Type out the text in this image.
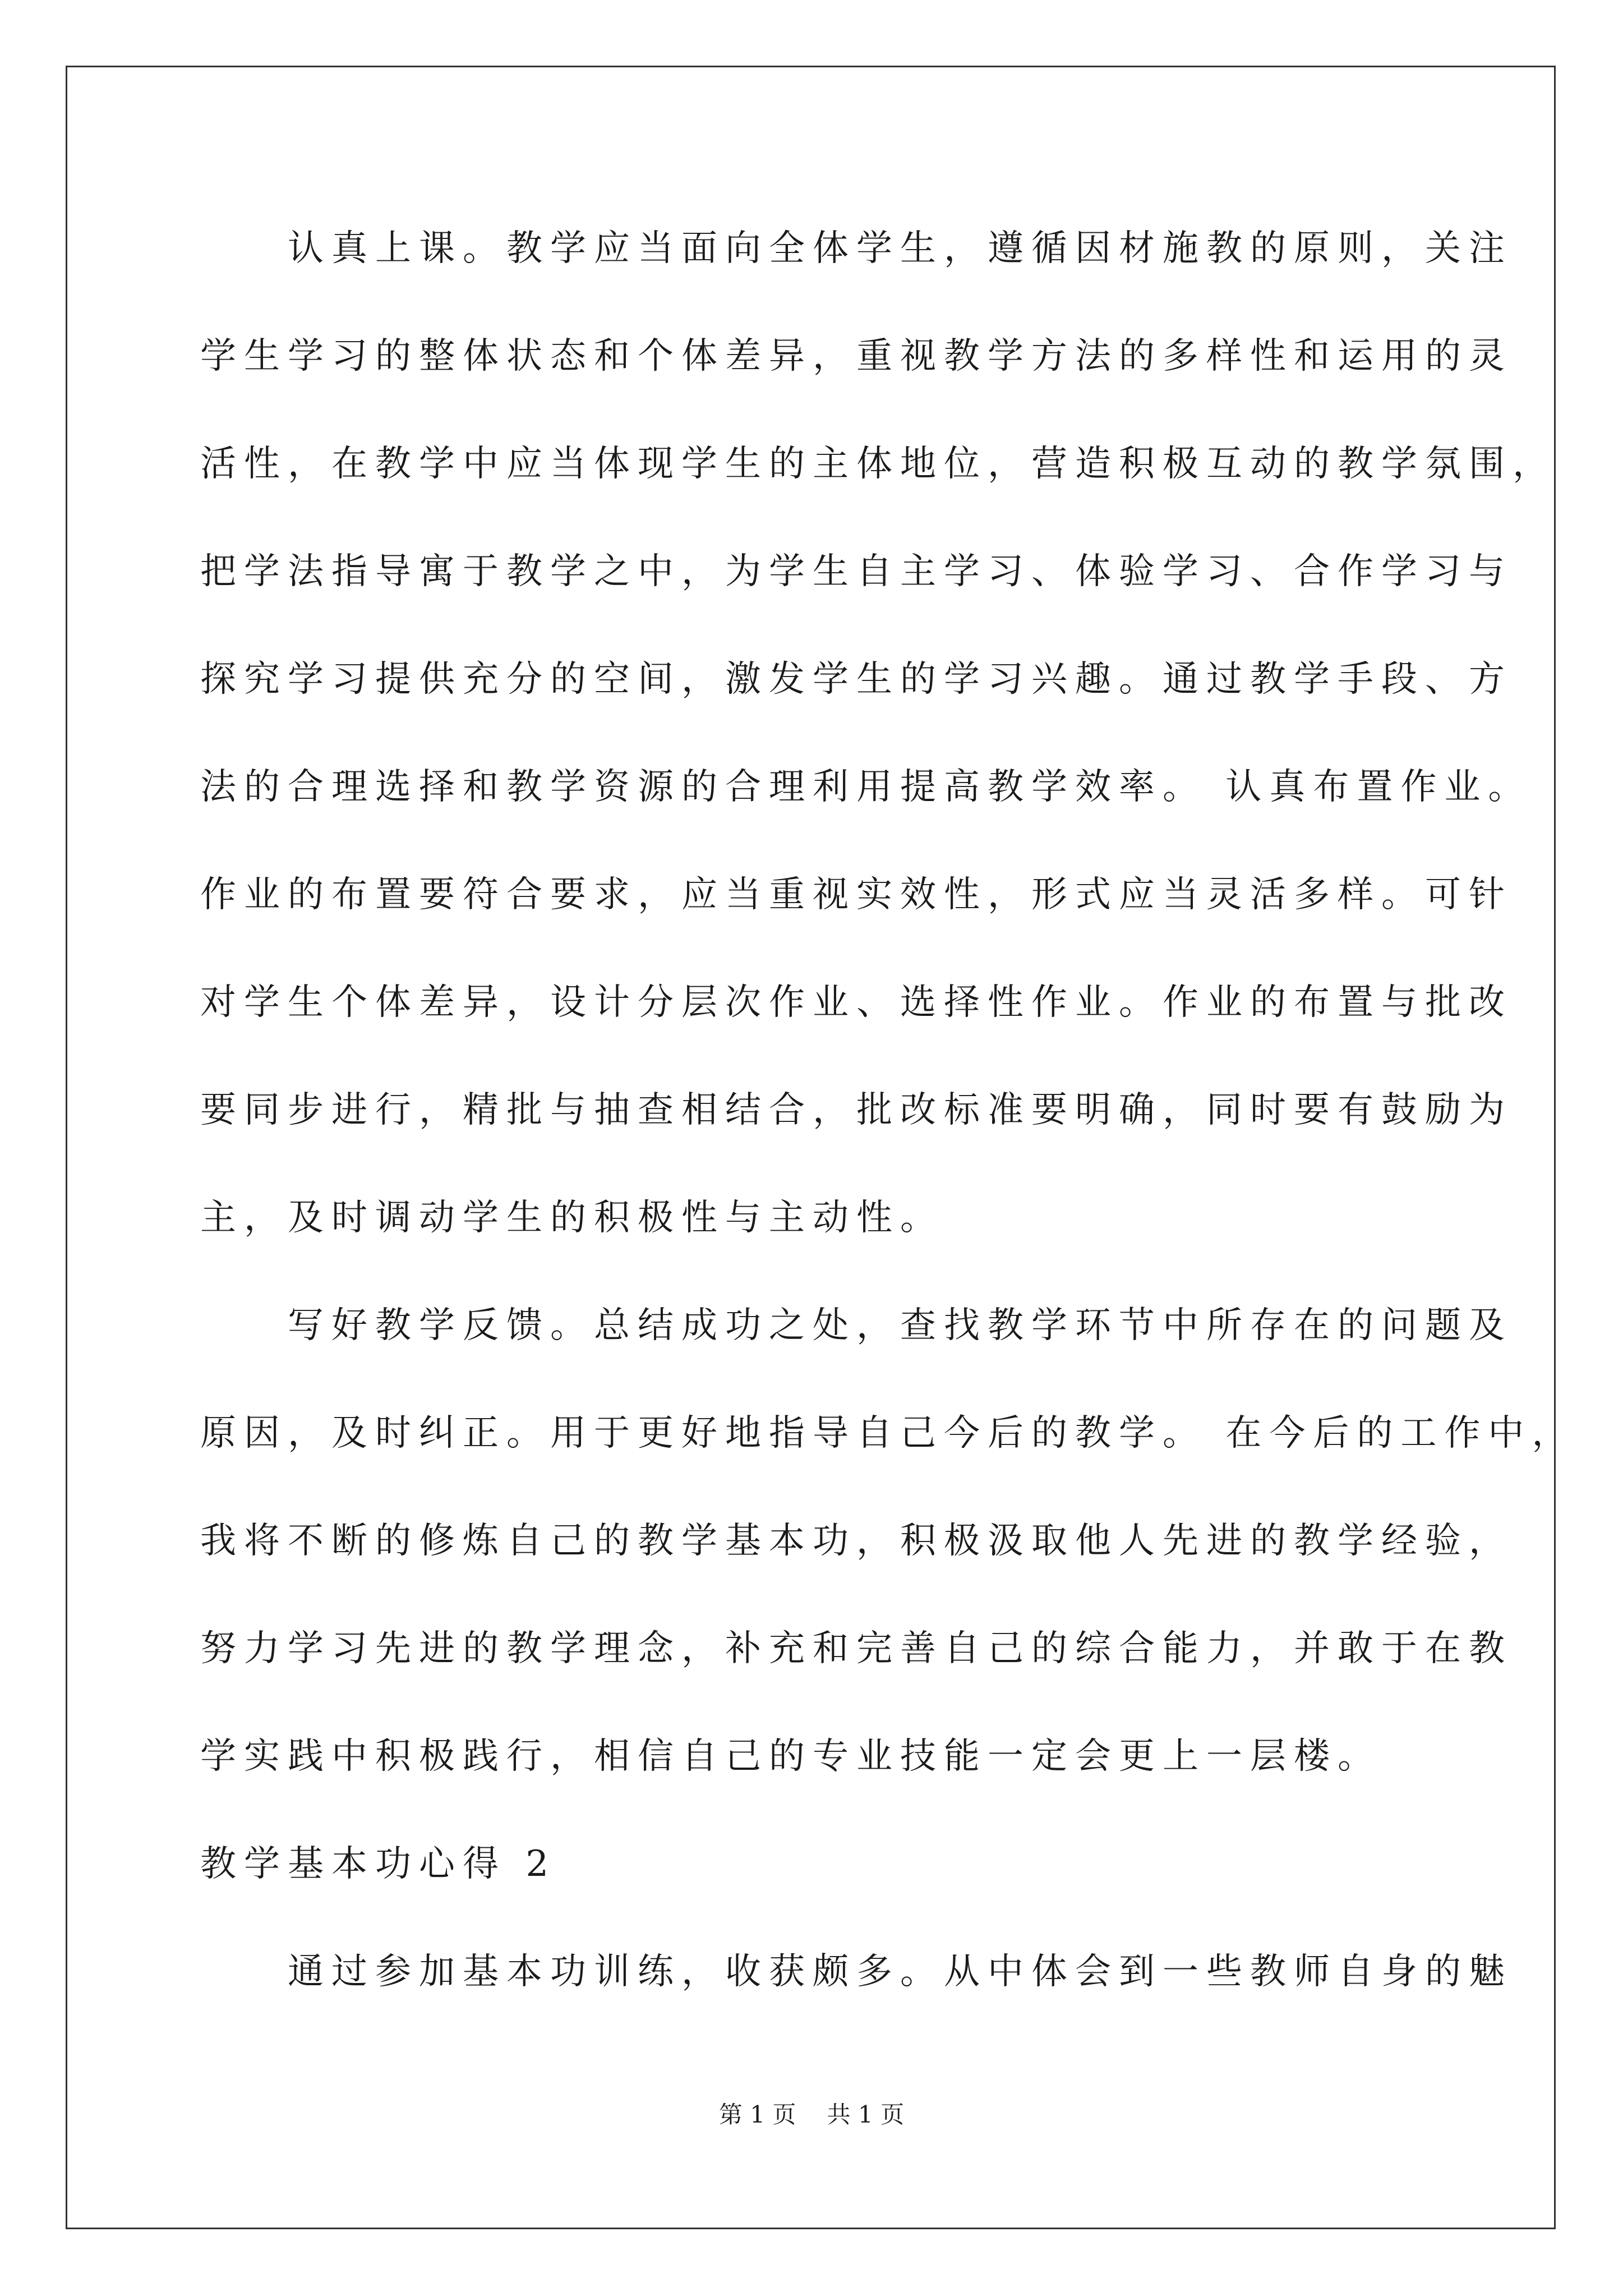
　　认真上课。教学应当面向全体学生，遵循因材施教的原则，关注
学生学习的整体状态和个体差异，重视教学方法的多样性和运用的灵
活性，在教学中应当体现学生的主体地位，营造积极互动的教学氛围，
把学法指导寓于教学之中，为学生自主学习、体验学习、合作学习与
探究学习提供充分的空间，激发学生的学习兴趣。通过教学手段、方
法的合理选择和教学资源的合理利用提高教学效率。 认真布置作业。
作业的布置要符合要求，应当重视实效性，形式应当灵活多样。可针
对学生个体差异，设计分层次作业、选择性作业。作业的布置与批改
要同步进行，精批与抽查相结合，批改标准要明确，同时要有鼓励为
主，及时调动学生的积极性与主动性。
　　写好教学反馈。总结成功之处，查找教学环节中所存在的问题及
原因，及时纠正。用于更好地指导自己今后的教学。 在今后的工作中，
我将不断的修炼自己的教学基本功，积极汲取他人先进的教学经验，
努力学习先进的教学理念，补充和完善自己的综合能力，并敢于在教
学实践中积极践行，相信自己的专业技能一定会更上一层楼。
教学基本功心得 2
　　通过参加基本功训练，收获颇多。从中体会到一些教师自身的魅
第 1 页　 共 1 页
